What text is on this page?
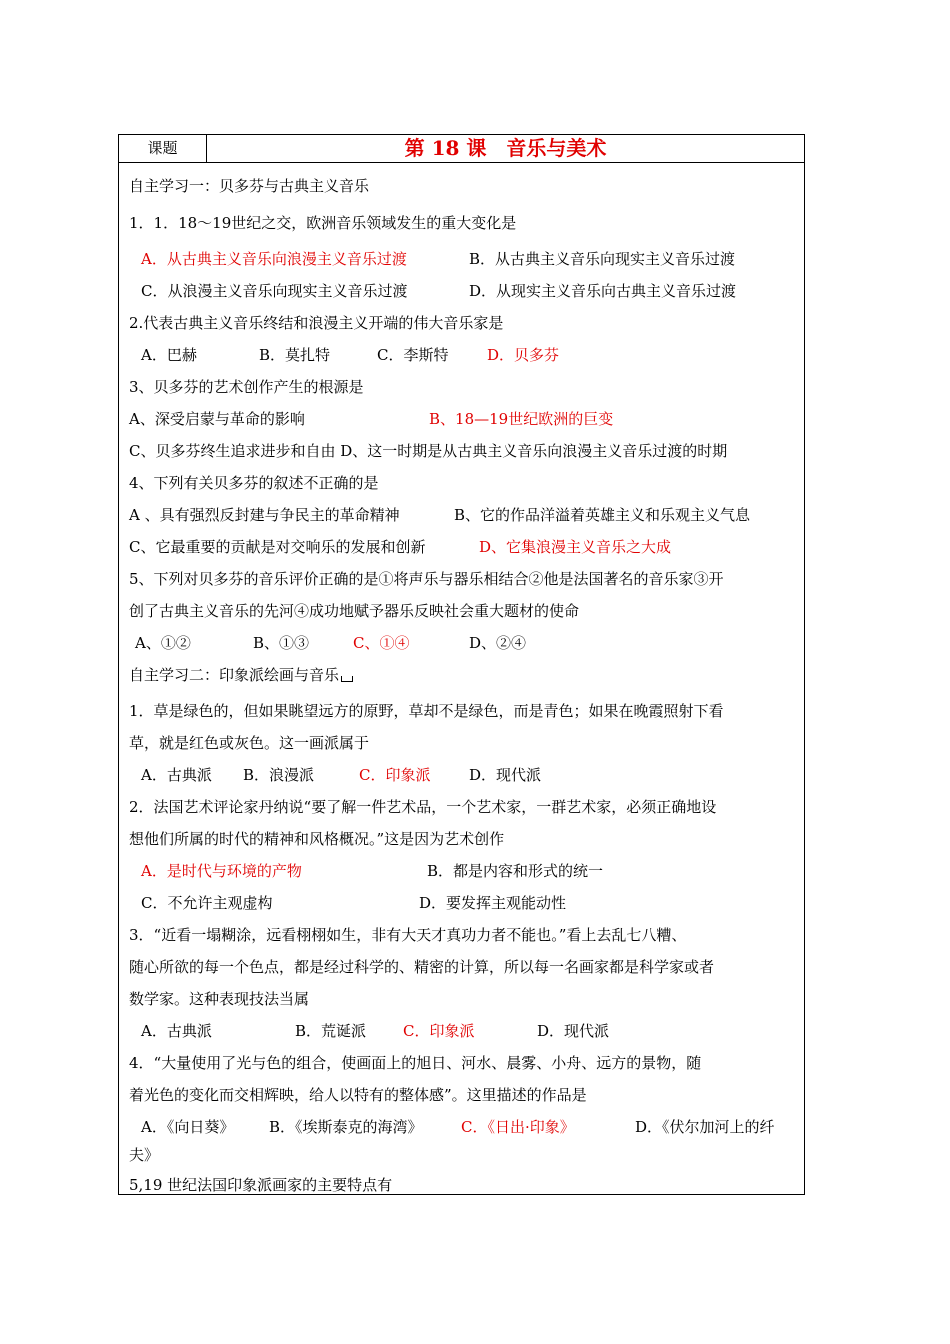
课题	第 18 课　音乐与美术
自主学习一：贝多芬与古典主义音乐
1．1．18～19世纪之交，欧洲音乐领域发生的重大变化是
A．从古典主义音乐向浪漫主义音乐过渡	B．从古典主义音乐向现实主义音乐过渡
C．从浪漫主义音乐向现实主义音乐过渡	D．从现实主义音乐向古典主义音乐过渡
2.代表古典主义音乐终结和浪漫主义开端的伟大音乐家是
A．巴赫	B．莫扎特	C．李斯特	D．贝多芬
3、贝多芬的艺术创作产生的根源是
A、深受启蒙与革命的影响	B、18—19世纪欧洲的巨变
C、贝多芬终生追求进步和自由 D、这一时期是从古典主义音乐向浪漫主义音乐过渡的时期
4、下列有关贝多芬的叙述不正确的是
A 、具有强烈反封建与争民主的革命精神	B、它的作品洋溢着英雄主义和乐观主义气息
C、它最重要的贡献是对交响乐的发展和创新	D、它集浪漫主义音乐之大成
5、下列对贝多芬的音乐评价正确的是①将声乐与器乐相结合②他是法国著名的音乐家③开
创了古典主义音乐的先河④成功地赋予器乐反映社会重大题材的使命
A、①②	B、①③	C、①④	D、②④
自主学习二：印象派绘画与音乐
1．草是绿色的，但如果眺望远方的原野，草却不是绿色，而是青色；如果在晚霞照射下看
草，就是红色或灰色。这一画派属于
A．古典派 B．浪漫派	C．印象派	D．现代派
2．法国艺术评论家丹纳说“要了解一件艺术品，一个艺术家，一群艺术家，必须正确地设
想他们所属的时代的精神和风格概况。”这是因为艺术创作
A．是时代与环境的产物	B．都是内容和形式的统一
C．不允许主观虚构	D．要发挥主观能动性
3．“近看一塌糊涂，远看栩栩如生，非有大天才真功力者不能也。”看上去乱七八糟、
随心所欲的每一个色点，都是经过科学的、精密的计算，所以每一名画家都是科学家或者
数学家。这种表现技法当属
A．古典派	B．荒诞派 C．印象派	D．现代派
4．“大量使用了光与色的组合，使画面上的旭日、河水、晨雾、小舟、远方的景物，随
着光色的变化而交相辉映，给人以特有的整体感”。这里描述的作品是
A．《向日葵》 B．《埃斯泰克的海湾》	C．《日出·印象》	D．《伏尔加河上的纤
夫》
5,19 世纪法国印象派画家的主要特点有
